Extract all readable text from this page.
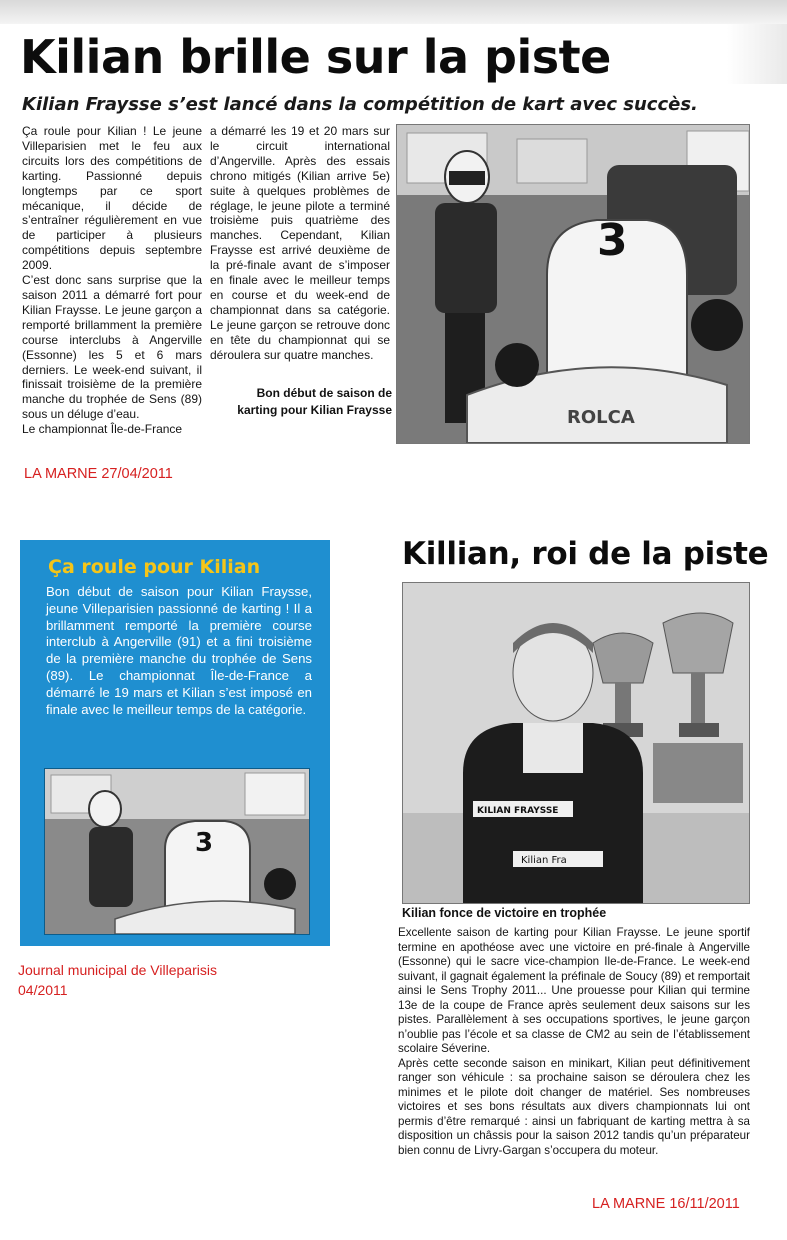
Kilian brille sur la piste
Kilian Fraysse s’est lancé dans la compétition de kart avec succès.

Ça roule pour Kilian ! Le jeune Villeparisien met le feu aux circuits lors des compétitions de karting. Passionné depuis longtemps par ce sport mécanique, il décide de s’entraîner régulièrement en vue de participer à plusieurs compétitions depuis septembre 2009.

C’est donc sans surprise que la saison 2011 a démarré fort pour Kilian Fraysse. Le jeune garçon a remporté brillamment la première course interclubs à Angerville (Essonne) les 5 et 6 mars derniers. Le week-end suivant, il finissait troisième de la première manche du trophée de Sens (89) sous un déluge d’eau.

Le championnat Île-de-France

a démarré les 19 et 20 mars sur le circuit international d’Angerville. Après des essais chrono mitigés (Kilian arrive 5e) suite à quelques problèmes de réglage, le jeune pilote a terminé troisième puis quatrième des manches. Cependant, Kilian Fraysse est arrivé deuxième de la pré-finale avant de s’imposer en finale avec le meilleur temps en course et du week-end de championnat dans sa catégorie. Le jeune garçon se retrouve donc en tête du championnat qui se déroulera sur quatre manches.

3
ROLCA
Bon début de saison de karting pour Kilian Fraysse
LA MARNE 27/04/2011
Ça roule pour Kilian
Bon début de saison pour Kilian Fraysse, jeune Villeparisien passionné de karting ! Il a brillamment remporté la première course interclub à Angerville (91) et a fini troisième de la première manche du trophée de Sens (89). Le championnat Île-de-France a démarré le 19 mars et Kilian s’est imposé en finale avec le meilleur temps de la catégorie.
3
Journal municipal de Villeparisis
04/2011
Killian, roi de la piste
KILIAN FRAYSSE
Kilian Fra
Kilian fonce de victoire en trophée

Excellente saison de karting pour Kilian Fraysse. Le jeune sportif termine en apothéose avec une victoire en pré-finale à Angerville (Essonne) qui le sacre vice-champion Ile-de-France. Le week-end suivant, il gagnait également la préfinale de Soucy (89) et remportait ainsi le Sens Trophy 2011... Une prouesse pour Kilian qui termine 13e de la coupe de France après seulement deux saisons sur les pistes. Parallèlement à ses occupations sportives, le jeune garçon n’oublie pas l’école et sa classe de CM2 au sein de l’établissement scolaire Séverine.

Après cette seconde saison en minikart, Kilian peut définitivement ranger son véhicule : sa prochaine saison se déroulera chez les minimes et le pilote doit changer de matériel. Ses nombreuses victoires et ses bons résultats aux divers championnats lui ont permis d’être remarqué : ainsi un fabriquant de karting mettra à sa disposition un châssis pour la saison 2012 tandis qu’un préparateur bien connu de Livry-Gargan s’occupera du moteur.

LA MARNE 16/11/2011
